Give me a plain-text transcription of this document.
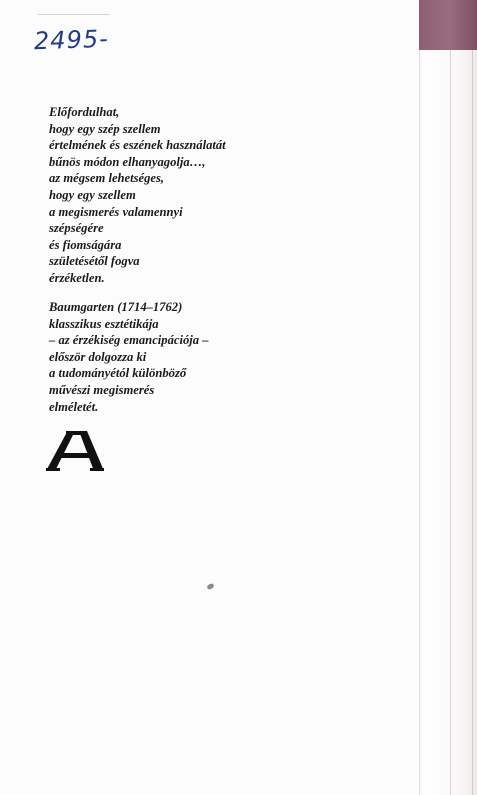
2495-
Előfordulhat,
hogy egy szép szellem
értelmének és eszének használatát
bűnös módon elhanyagolja…,
az mégsem lehetséges,
hogy egy szellem
a megismerés valamennyi
szépségére
és fiomságára
születésétől fogva
érzéketlen.
Baumgarten (1714–1762)
klasszikus esztétikája
– az érzékiség emancipációja –
először dolgozza ki
a tudományétól különböző
művészi megismerés
elméletét.
